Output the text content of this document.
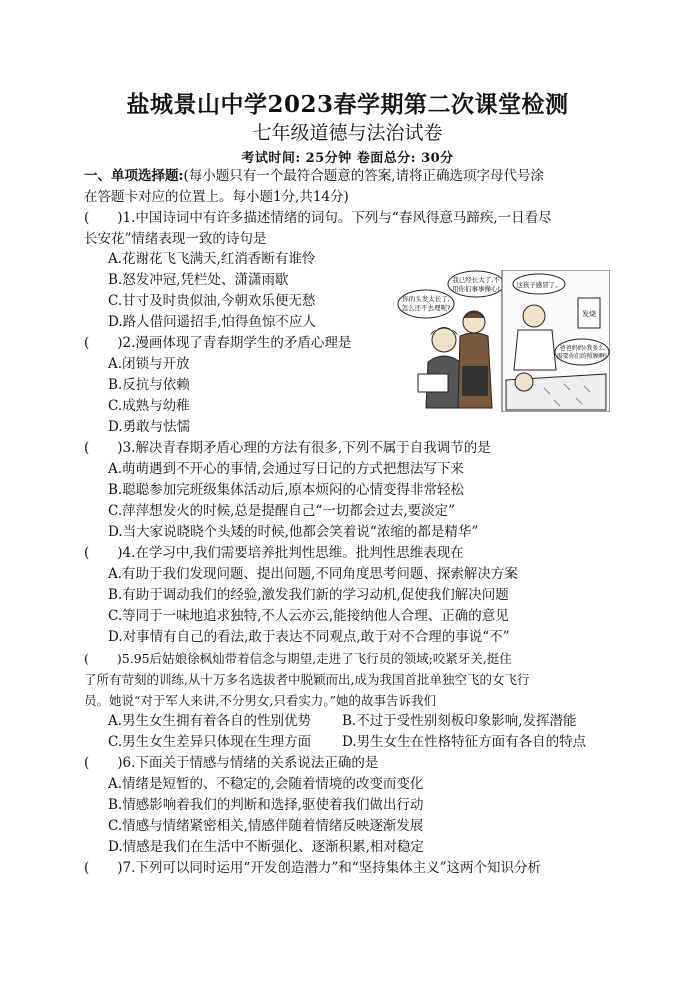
盐城景山中学2023春学期第二次课堂检测
七年级道德与法治试卷
考试时间: 25分钟 卷面总分: 30分
一、单项选择题:(每小题只有一个最符合题意的答案,请将正确选项字母代号涂
在答题卡对应的位置上。每小题1分,共14分)
( )1.中国诗词中有许多描述情绪的词句。下列与“春风得意马蹄疾,一日看尽
长安花”情绪表现一致的诗句是
A.花谢花飞飞满天,红消香断有谁怜
B.怒发冲冠,凭栏处、潇潇雨歇
C.甘寸及时贵似油,今朝欢乐便无愁
D.路人借问遥招手,怕得鱼惊不应人
( )2.漫画体现了青春期学生的矛盾心理是
A.闭锁与开放
B.反抗与依赖
C.成熟与幼稚
D.勇敢与怯懦
你的头发太长了,
怎么还不去理呢?
我已经长大了,不
用你们事事操心! 这孩子感冒了。
发烧
爸爸妈妈!我多么
需要你们的照顾啊!
( )3.解决青春期矛盾心理的方法有很多,下列不属于自我调节的是
A.萌萌遇到不开心的事情,会通过写日记的方式把想法写下来
B.聪聪参加完班级集体活动后,原本烦闷的心情变得非常轻松
C.萍萍想发火的时候,总是提醒自己“一切都会过去,要淡定”
D.当大家说晓晓个头矮的时候,他都会笑着说“浓缩的都是精华”
( )4.在学习中,我们需要培养批判性思维。批判性思维表现在
A.有助于我们发现问题、提出问题,不同角度思考问题、探索解决方案
B.有助于调动我们的经验,激发我们新的学习动机,促使我们解决问题
C.等同于一味地追求独特,不人云亦云,能接纳他人合理、正确的意见
D.对事情有自己的看法,敢于表达不同观点,敢于对不合理的事说“不”
( )5.95后姑娘徐枫灿带着信念与期望,走进了飞行员的领域;咬紧牙关,挺住
了所有苛刻的训练,从十万多名选拔者中脱颖而出,成为我国首批单独空飞的女飞行
员。她说“对于军人来讲,不分男女,只看实力。”她的故事告诉我们
A.男生女生拥有着各自的性别优势 B.不过于受性别刻板印象影响,发挥潜能
C.男生女生差异只体现在生理方面 D.男生女生在性格特征方面有各自的特点
( )6.下面关于情感与情绪的关系说法正确的是
A.情绪是短暂的、不稳定的,会随着情境的改变而变化
B.情感影响着我们的判断和选择,驱使着我们做出行动
C.情感与情绪紧密相关,情感伴随着情绪反映逐渐发展
D.情感是我们在生活中不断强化、逐渐积累,相对稳定
( )7.下列可以同时运用“开发创造潜力”和“坚持集体主义”这两个知识分析
